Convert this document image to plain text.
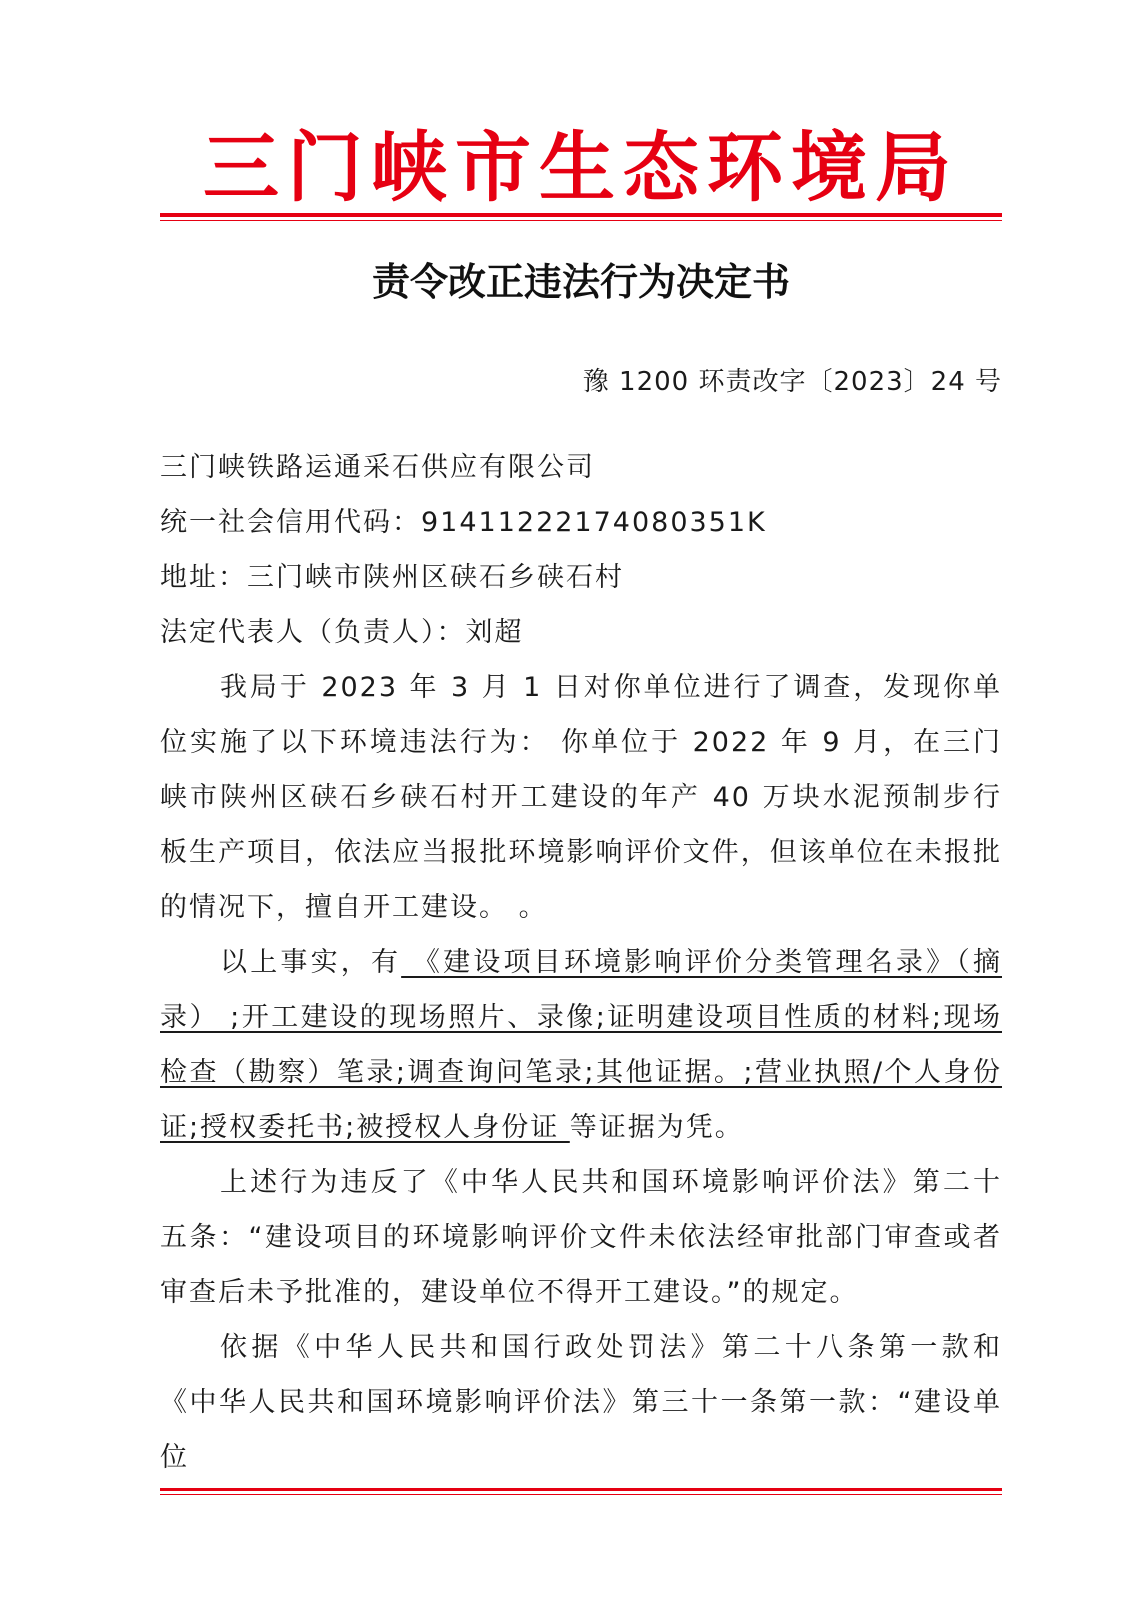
三门峡市生态环境局
责令改正违法行为决定书
豫 1200 环责改字〔2023〕24 号

三门峡铁路运通采石供应有限公司

统一社会信用代码：91411222174080351K

地址：三门峡市陕州区硖石乡硖石村

法定代表人（负责人）：刘超

我局于 2023 年 3 月 1 日对你单位进行了调查，发现你单位实施了以下环境违法行为： 你单位于 2022 年 9 月，在三门峡市陕州区硖石乡硖石村开工建设的年产 40 万块水泥预制步行板生产项目，依法应当报批环境影响评价文件，但该单位在未报批的情况下，擅自开工建设。 。

以上事实，有 《建设项目环境影响评价分类管理名录》（摘录） ;开工建设的现场照片、录像;证明建设项目性质的材料;现场检查（勘察）笔录;调查询问笔录;其他证据。;营业执照/个人身份证;授权委托书;被授权人身份证 等证据为凭。

上述行为违反了《中华人民共和国环境影响评价法》第二十五条：“建设项目的环境影响评价文件未依法经审批部门审查或者审查后未予批准的，建设单位不得开工建设。”的规定。

依据《中华人民共和国行政处罚法》第二十八条第一款和《中华人民共和国环境影响评价法》第三十一条第一款：“建设单位
